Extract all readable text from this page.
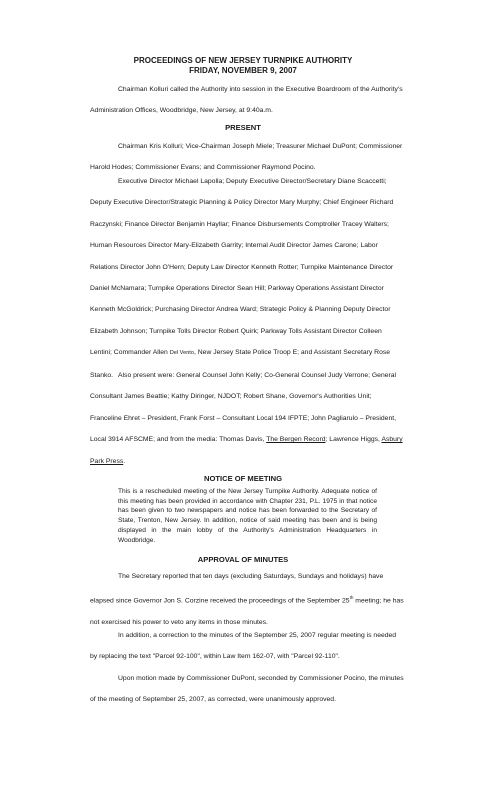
PROCEEDINGS OF NEW JERSEY TURNPIKE AUTHORITY

FRIDAY, NOVEMBER 9, 2007

Chairman Kolluri called the Authority into session in the Executive Boardroom of the Authority's Administration Offices, Woodbridge, New Jersey, at 9:40a.m.

PRESENT

Chairman Kris Kolluri; Vice-Chairman Joseph Miele; Treasurer Michael DuPont; Commissioner Harold Hodes; Commissioner Evans; and Commissioner Raymond Pocino.

Executive Director Michael Lapolla; Deputy Executive Director/Secretary Diane Scaccetti; Deputy Executive Director/Strategic Planning & Policy Director Mary Murphy; Chief Engineer Richard Raczynski; Finance Director Benjamin Hayllar; Finance Disbursements Comptroller Tracey Walters; Human Resources Director Mary-Elizabeth Garrity; Internal Audit Director James Carone; Labor Relations Director John O'Hern; Deputy Law Director Kenneth Rotter; Turnpike Maintenance Director Daniel McNamara; Turnpike Operations Director Sean Hill; Parkway Operations Assistant Director Kenneth McGoldrick; Purchasing Director Andrea Ward; Strategic Policy & Planning Deputy Director Elizabeth Johnson; Turnpike Tolls Director Robert Quirk; Parkway Tolls Assistant Director Colleen Lentini; Commander Allen Del Vento, New Jersey State Police Troop E; and Assistant Secretary Rose Stanko. Also present were: General Counsel John Kelly; Co-General Counsel Judy Verrone; General Consultant James Beattie; Kathy Diringer, NJDOT; Robert Shane, Governor's Authorities Unit; Franceline Ehret – President, Frank Forst – Consultant Local 194 IFPTE; John Pagliarulo – President, Local 3914 AFSCME; and from the media: Thomas Davis, The Bergen Record; Lawrence Higgs, Asbury Park Press.

NOTICE OF MEETING

This is a rescheduled meeting of the New Jersey Turnpike Authority. Adequate notice of this meeting has been provided in accordance with Chapter 231, P.L. 1975 in that notice has been given to two newspapers and notice has been forwarded to the Secretary of State, Trenton, New Jersey. In addition, notice of said meeting has been and is being displayed in the main lobby of the Authority's Administration Headquarters in Woodbridge.

APPROVAL OF MINUTES

The Secretary reported that ten days (excluding Saturdays, Sundays and holidays) have elapsed since Governor Jon S. Corzine received the proceedings of the September 25th meeting; he has not exercised his power to veto any items in those minutes.

In addition, a correction to the minutes of the September 25, 2007 regular meeting is needed by replacing the text "Parcel 92-100", within Law Item 162-07, with "Parcel 92-110".

Upon motion made by Commissioner DuPont, seconded by Commissioner Pocino, the minutes of the meeting of September 25, 2007, as corrected, were unanimously approved.
